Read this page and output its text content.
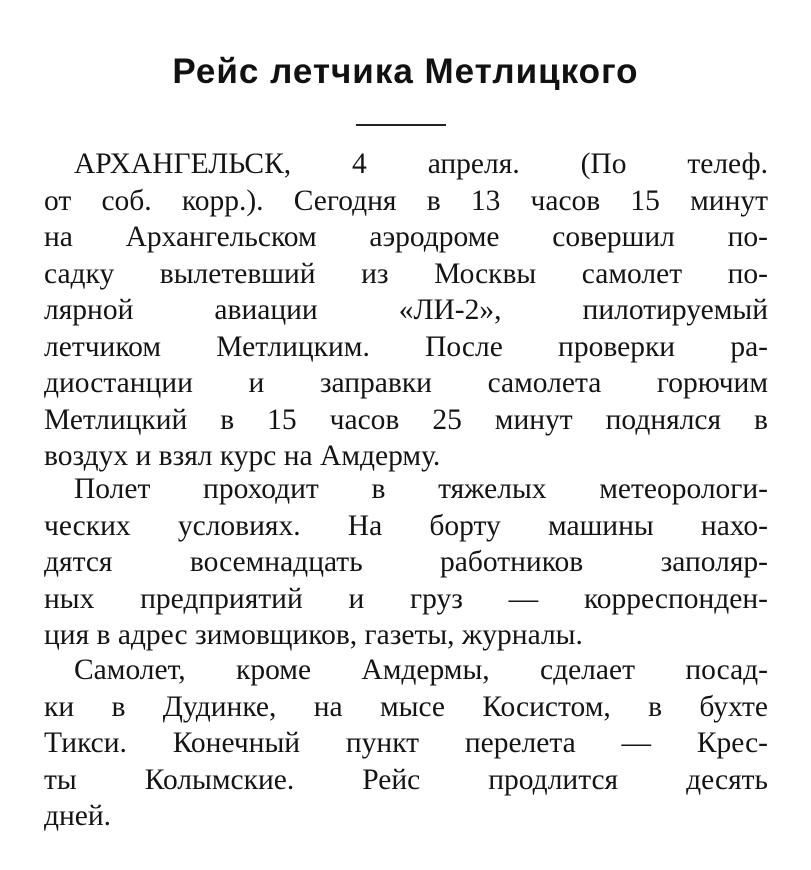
Рейс летчика Метлицкого

АРХАНГЕЛЬСК, 4 апреля. (По телеф.
от соб. корр.). Сегодня в 13 часов 15 минут
на Архангельском аэродроме совершил по-
садку вылетевший из Москвы самолет по-
лярной авиации «ЛИ-2», пилотируемый
летчиком Метлицким. После проверки ра-
диостанции и заправки самолета горючим
Метлицкий в 15 часов 25 минут поднялся в
воздух и взял курс на Амдерму.

Полет проходит в тяжелых метеорологи-
ческих условиях. На борту машины нахо-
дятся восемнадцать работников заполяр-
ных предприятий и груз — корреспонден-
ция в адрес зимовщиков, газеты, журналы.

Самолет, кроме Амдермы, сделает посад-
ки в Дудинке, на мысе Косистом, в бухте
Тикси. Конечный пункт перелета — Крес-
ты Колымские. Рейс продлится десять
дней.
